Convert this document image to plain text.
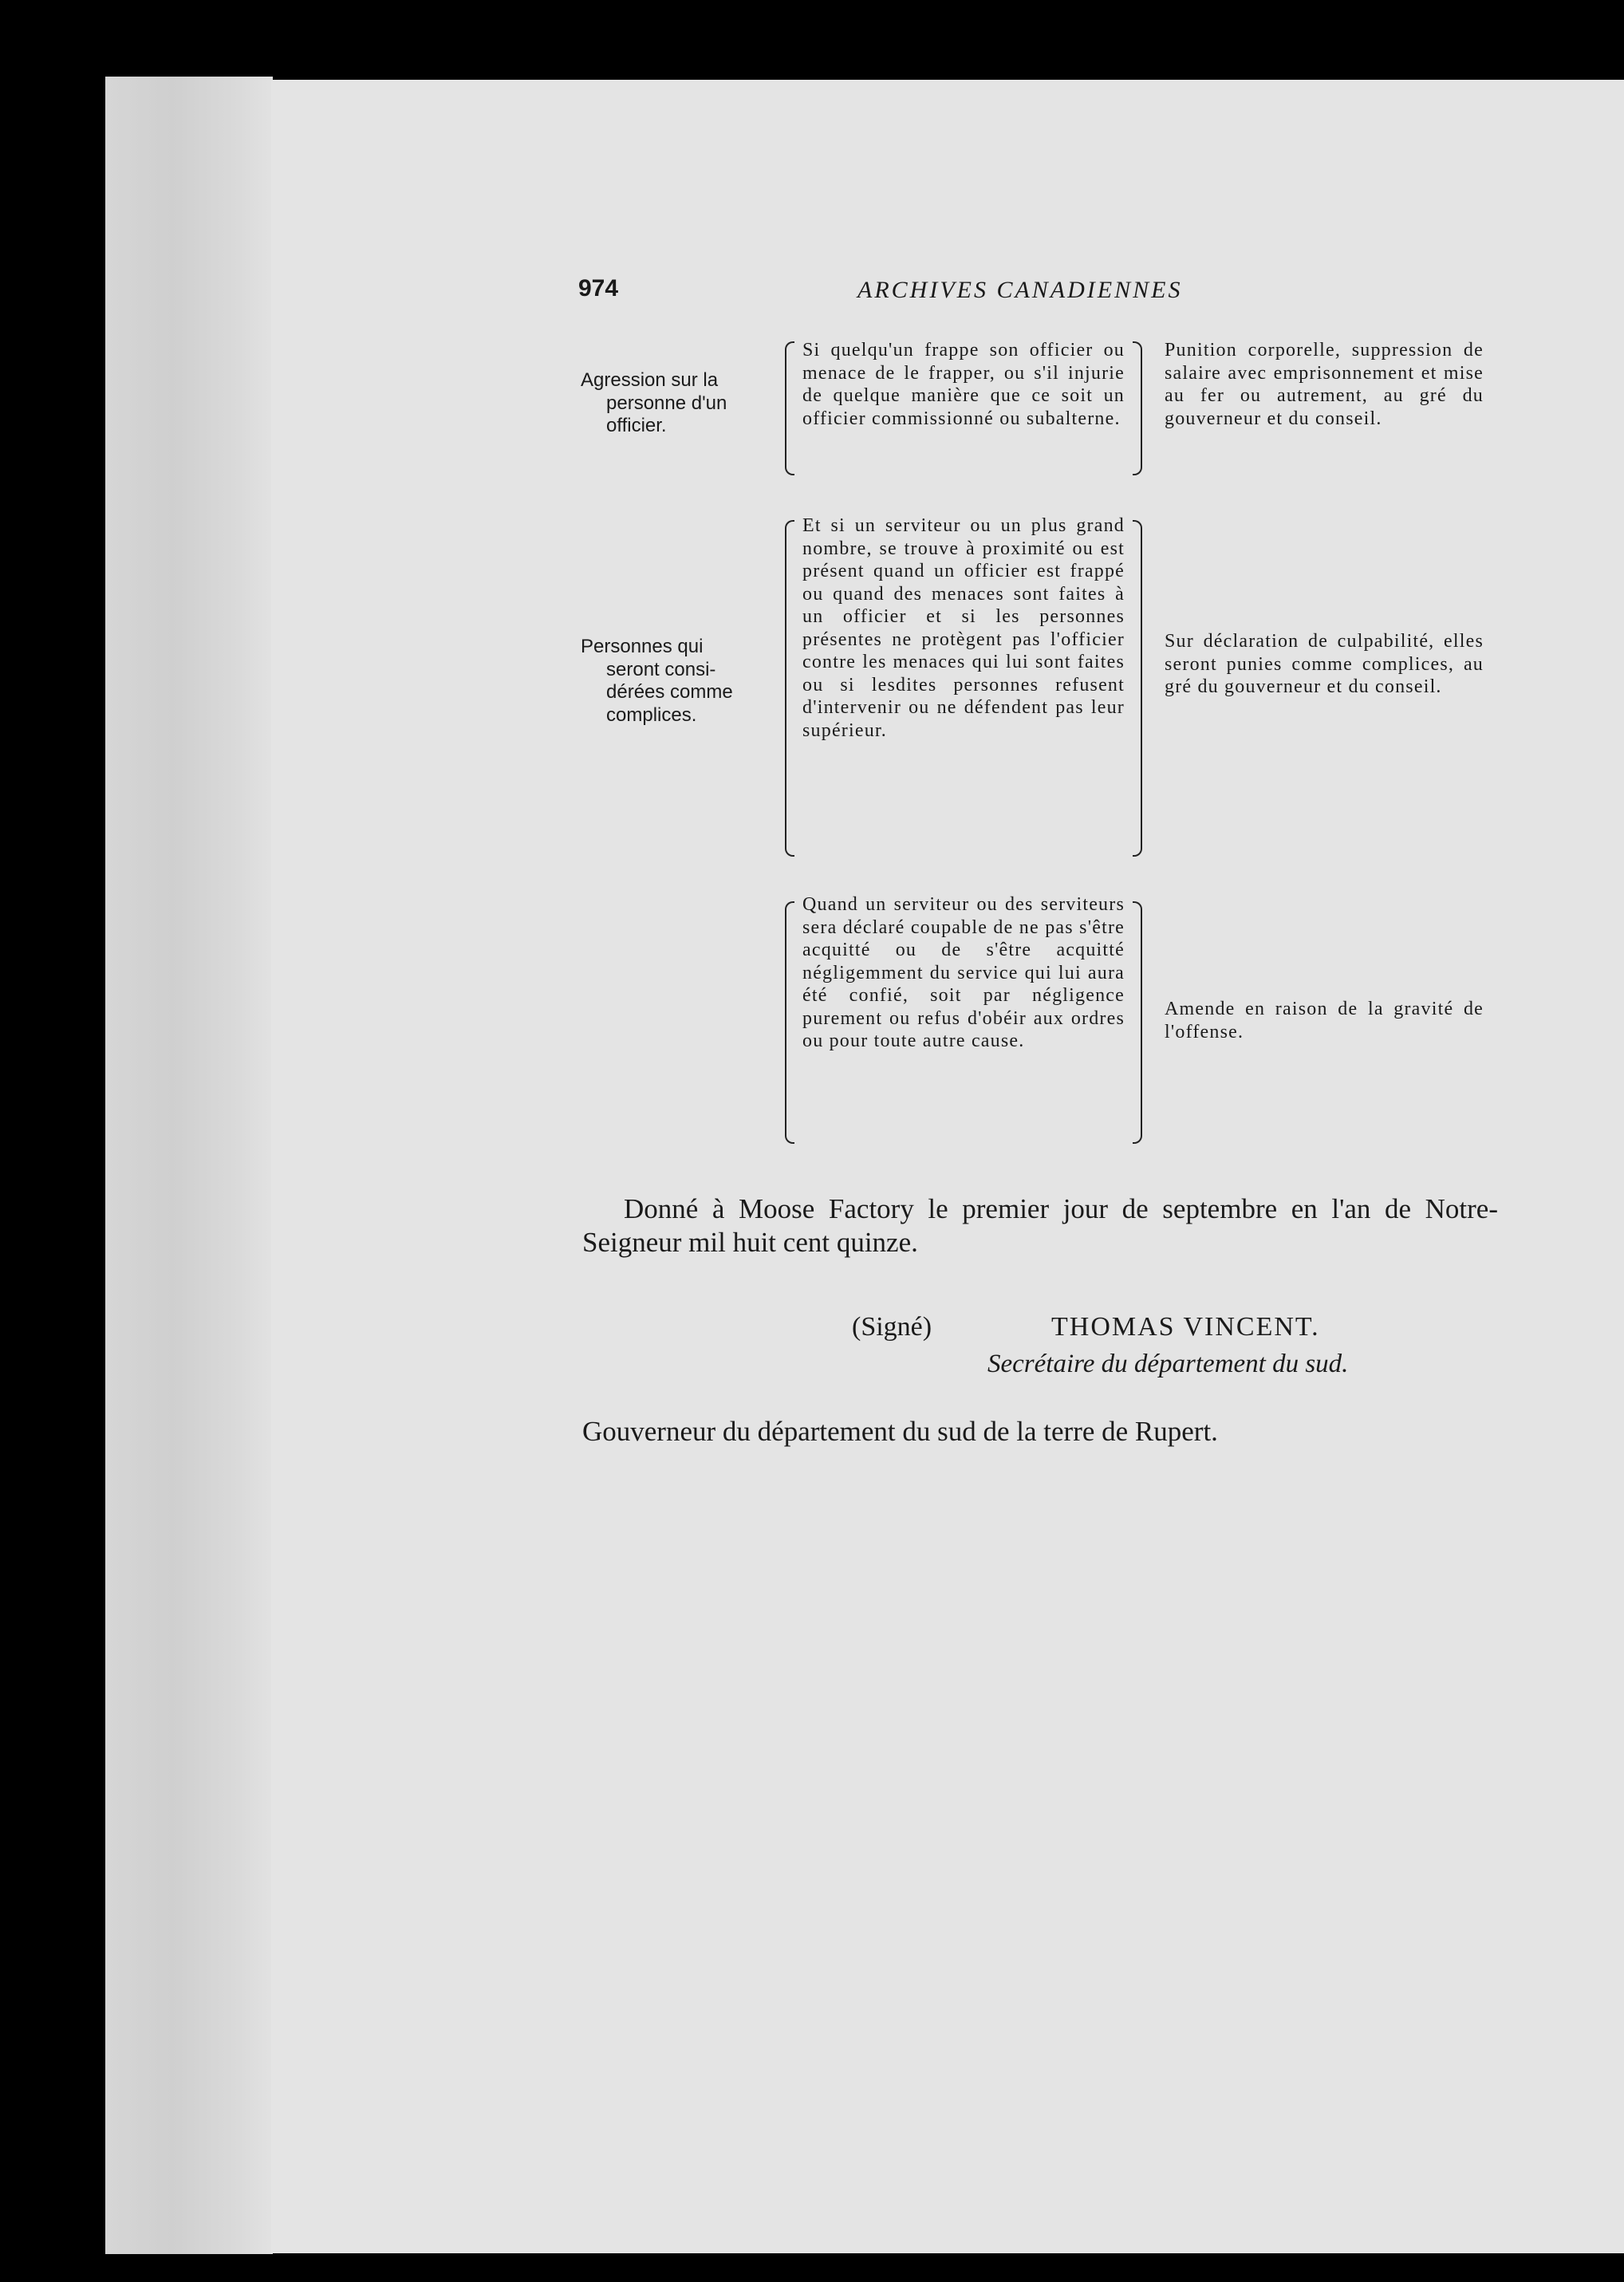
974	ARCHIVES CANADIENNES
Agression sur la
personne d'un
officier.
Si quelqu'un frappe son officier ou menace de le frapper, ou s'il injurie de quelque manière que ce soit un officier commissionné ou subalterne.
Punition corporelle, suppression de salaire avec emprisonnement et mise au fer ou autrement, au gré du gouverneur et du conseil.
Personnes qui
seront consi-
dérées comme
complices.
Et si un serviteur ou un plus grand nombre, se trouve à proximité ou est présent quand un officier est frappé ou quand des menaces sont faites à un officier et si les personnes présentes ne protègent pas l'officier contre les menaces qui lui sont faites ou si lesdites personnes refusent d'intervenir ou ne défendent pas leur supérieur.
Sur déclaration de culpabilité, elles seront punies comme complices, au gré du gouverneur et du conseil.
Quand un serviteur ou des serviteurs sera déclaré coupable de ne pas s'être acquitté ou de s'être acquitté négligemment du service qui lui aura été confié, soit par négligence purement ou refus d'obéir aux ordres ou pour toute autre cause.
Amende en raison de la gravité de l'offense.
Donné à Moose Factory le premier jour de septembre en l'an de Notre-Seigneur mil huit cent quinze.
(Signé)	THOMAS VINCENT.
Secrétaire du département du sud.
Gouverneur du département du sud de la terre de Rupert.
